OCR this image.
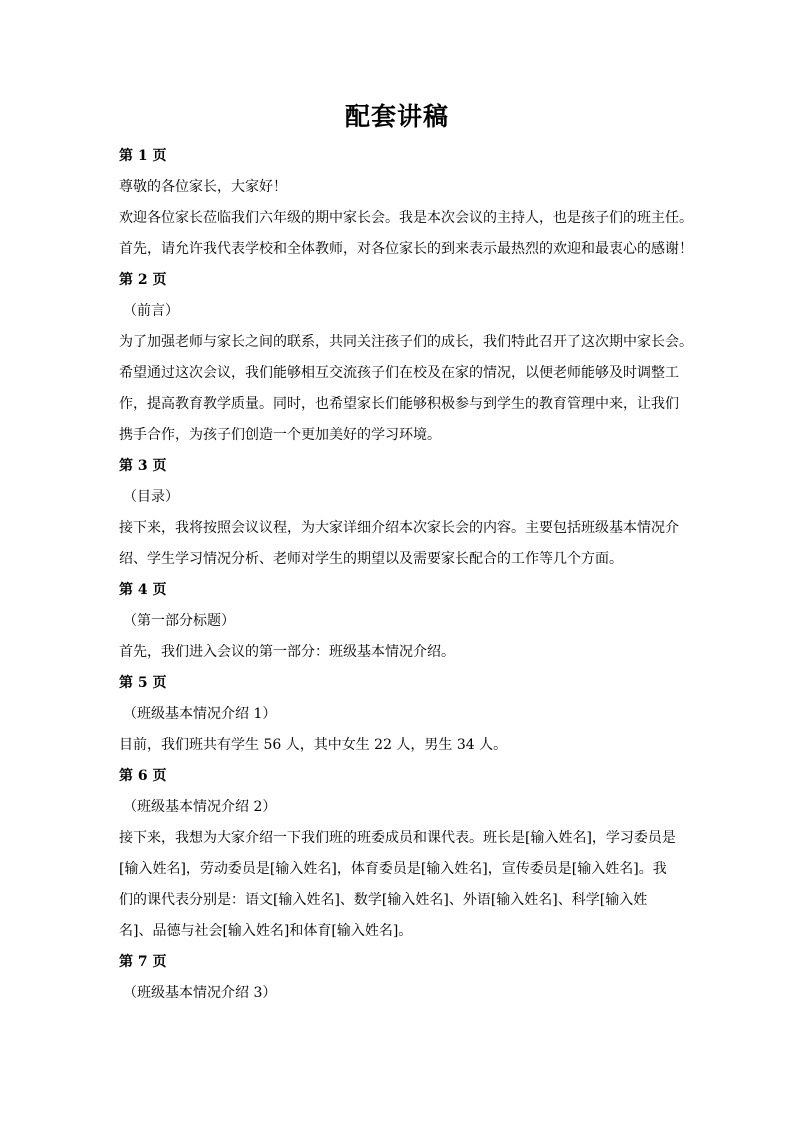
配套讲稿

第 1 页

尊敬的各位家长，大家好！

欢迎各位家长莅临我们六年级的期中家长会。我是本次会议的主持人，也是孩子们的班主任。

首先，请允许我代表学校和全体教师，对各位家长的到来表示最热烈的欢迎和最衷心的感谢！

第 2 页

（前言）

为了加强老师与家长之间的联系，共同关注孩子们的成长，我们特此召开了这次期中家长会。

希望通过这次会议，我们能够相互交流孩子们在校及在家的情况，以便老师能够及时调整工

作，提高教育教学质量。同时，也希望家长们能够积极参与到学生的教育管理中来，让我们

携手合作，为孩子们创造一个更加美好的学习环境。

第 3 页

（目录）

接下来，我将按照会议议程，为大家详细介绍本次家长会的内容。主要包括班级基本情况介

绍、学生学习情况分析、老师对学生的期望以及需要家长配合的工作等几个方面。

第 4 页

（第一部分标题）

首先，我们进入会议的第一部分：班级基本情况介绍。

第 5 页

（班级基本情况介绍 1）

目前，我们班共有学生 56 人，其中女生 22 人，男生 34 人。

第 6 页

（班级基本情况介绍 2）

接下来，我想为大家介绍一下我们班的班委成员和课代表。班长是[输入姓名]，学习委员是

[输入姓名]，劳动委员是[输入姓名]，体育委员是[输入姓名]，宣传委员是[输入姓名]。我

们的课代表分别是：语文[输入姓名]、数学[输入姓名]、外语[输入姓名]、科学[输入姓

名]、品德与社会[输入姓名]和体育[输入姓名]。

第 7 页

（班级基本情况介绍 3）
